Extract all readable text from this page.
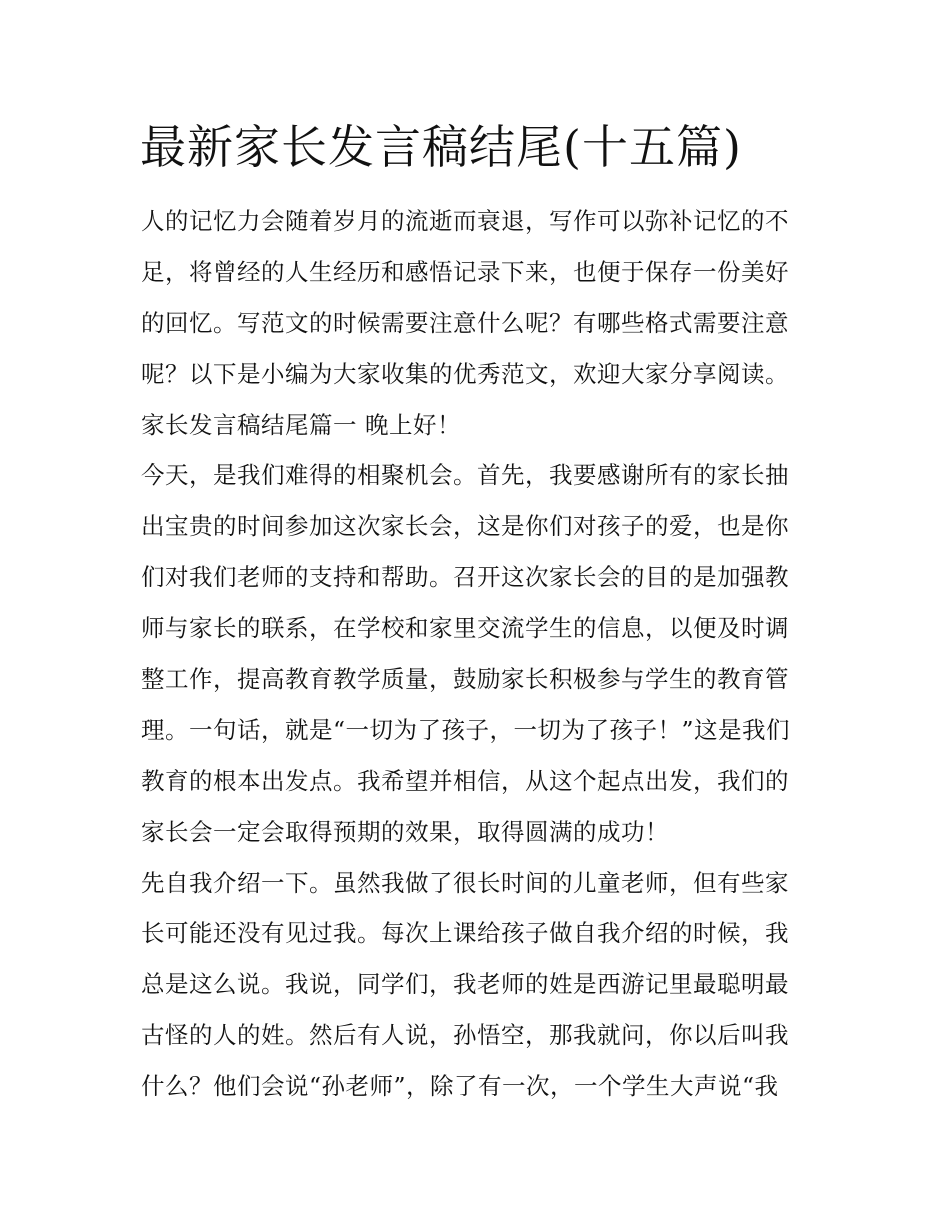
最新家长发言稿结尾(十五篇)
人的记忆力会随着岁月的流逝而衰退，写作可以弥补记忆的不
足，将曾经的人生经历和感悟记录下来，也便于保存一份美好
的回忆。写范文的时候需要注意什么呢？有哪些格式需要注意
呢？以下是小编为大家收集的优秀范文，欢迎大家分享阅读。
家长发言稿结尾篇一 晚上好！
今天，是我们难得的相聚机会。首先，我要感谢所有的家长抽
出宝贵的时间参加这次家长会，这是你们对孩子的爱，也是你
们对我们老师的支持和帮助。召开这次家长会的目的是加强教
师与家长的联系，在学校和家里交流学生的信息，以便及时调
整工作，提高教育教学质量，鼓励家长积极参与学生的教育管
理。一句话，就是“一切为了孩子，一切为了孩子！”这是我们
教育的根本出发点。我希望并相信，从这个起点出发，我们的
家长会一定会取得预期的效果，取得圆满的成功！
先自我介绍一下。虽然我做了很长时间的儿童老师，但有些家
长可能还没有见过我。每次上课给孩子做自我介绍的时候，我
总是这么说。我说，同学们，我老师的姓是西游记里最聪明最
古怪的人的姓。然后有人说，孙悟空，那我就问，你以后叫我
什么？他们会说“孙老师”，除了有一次，一个学生大声说“我
